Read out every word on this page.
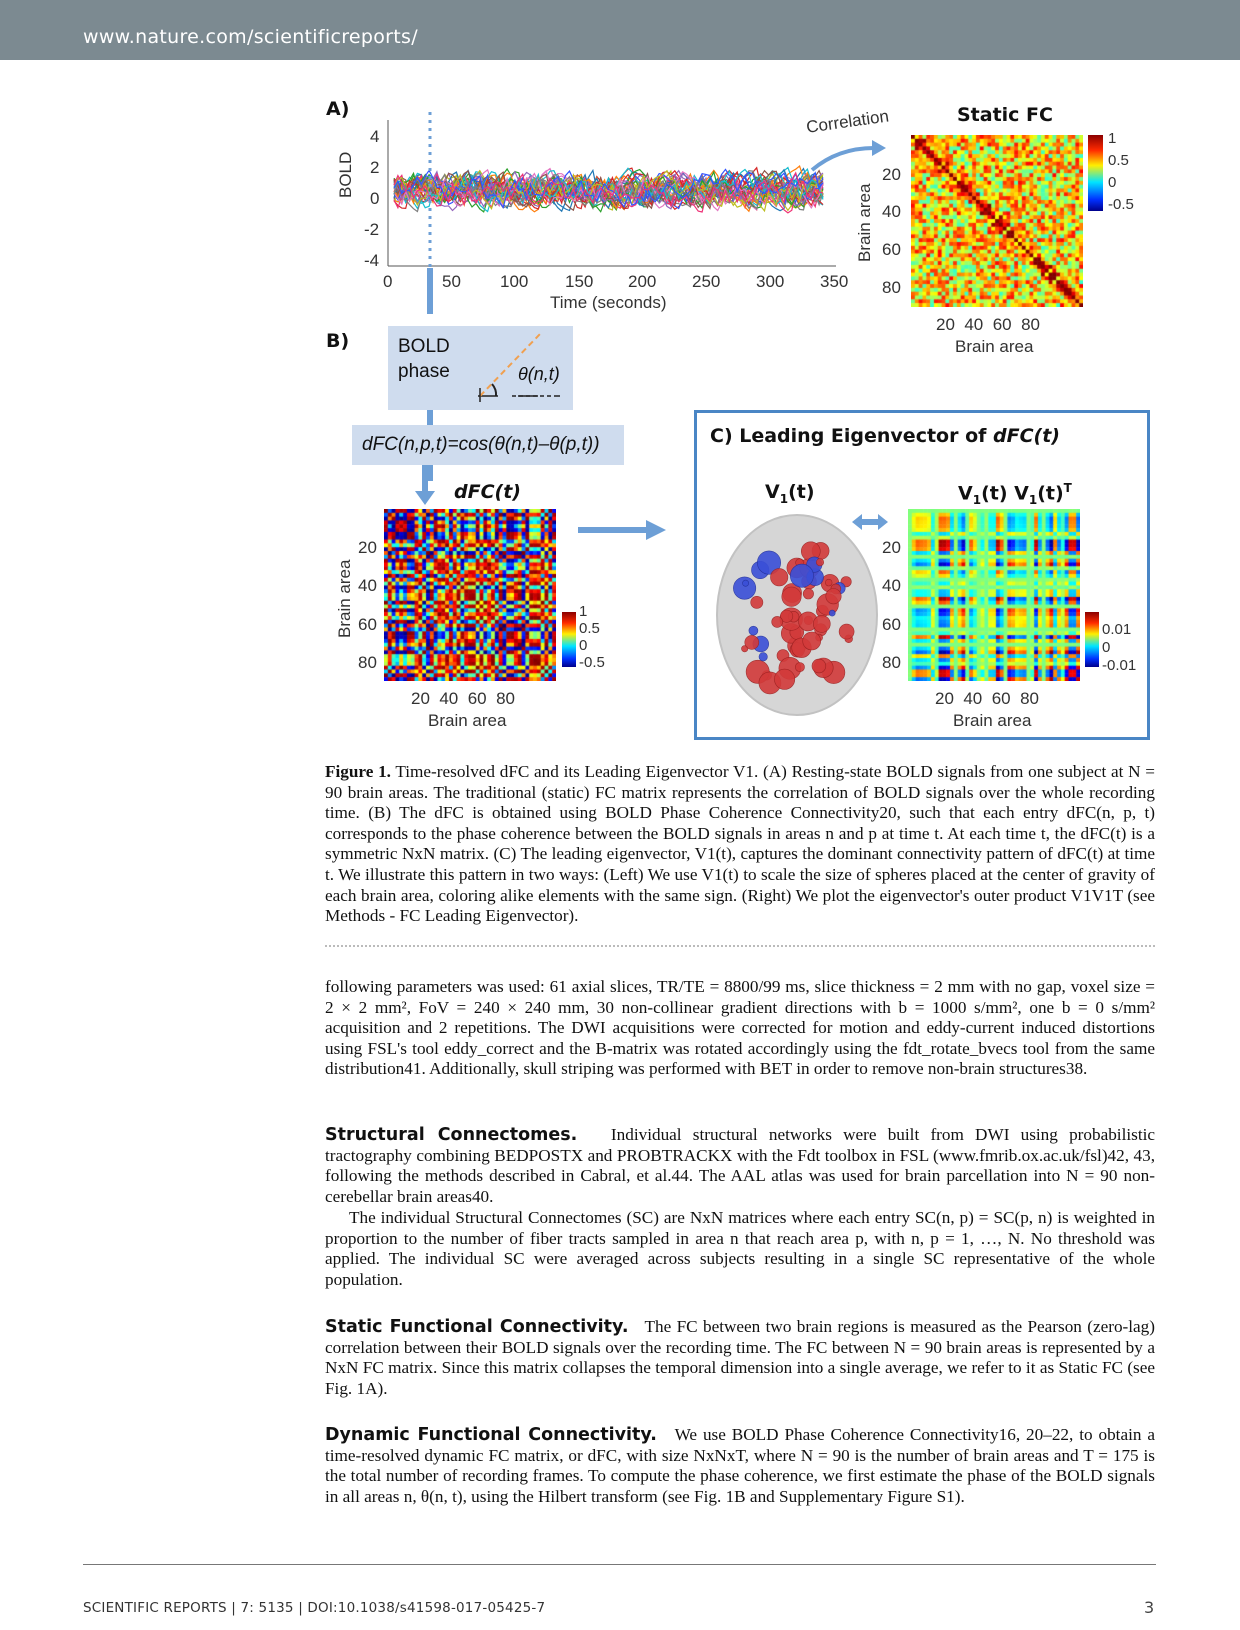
www.nature.com/scientificreports/
A)
BOLD
4
2
0
-2
-4
0	50 100 150 200 250 300 350
Time (seconds)
Correlation	Static FC
Brain area
20
40
60
80
20  40  60  80
Brain area
1
0.5
0
-0.5
B)	BOLD
phase	θ(n,t)
dFC(n,p,t)=cos(θ(n,t)–θ(p,t))
dFC(t)
Brain area
20
40
60
80
20  40  60  80
Brain area
1
0.5
0
-0.5
C) Leading Eigenvector of dFC(t)
$V_1(t)$	$V_1(t)$ $V_1(t)^T$
20
40
60
80
20  40  60  80
Brain area
0.01
0
-0.01
Figure 1. Time-resolved dFC and its Leading Eigenvector V1. (A) Resting-state BOLD signals from one subject at N = 90 brain areas. The traditional (static) FC matrix represents the correlation of BOLD signals over the whole recording time. (B) The dFC is obtained using BOLD Phase Coherence Connectivity20, such that each entry dFC(n, p, t) corresponds to the phase coherence between the BOLD signals in areas n and p at time t. At each time t, the dFC(t) is a symmetric NxN matrix. (C) The leading eigenvector, V1(t), captures the dominant connectivity pattern of dFC(t) at time t. We illustrate this pattern in two ways: (Left) We use V1(t) to scale the size of spheres placed at the center of gravity of each brain area, coloring alike elements with the same sign. (Right) We plot the eigenvector's outer product V1V1T (see Methods - FC Leading Eigenvector).
following parameters was used: 61 axial slices, TR/TE = 8800/99 ms, slice thickness = 2 mm with no gap, voxel size = 2 × 2 mm², FoV = 240 × 240 mm, 30 non-collinear gradient directions with b = 1000 s/mm², one b = 0 s/mm² acquisition and 2 repetitions. The DWI acquisitions were corrected for motion and eddy-current induced distortions using FSL's tool eddy_correct and the B-matrix was rotated accordingly using the fdt_rotate_bvecs tool from the same distribution41. Additionally, skull striping was performed with BET in order to remove non-brain structures38.
Structural Connectomes. Individual structural networks were built from DWI using probabilistic tractography combining BEDPOSTX and PROBTRACKX with the Fdt toolbox in FSL (www.fmrib.ox.ac.uk/fsl)42, 43, following the methods described in Cabral, et al.44. The AAL atlas was used for brain parcellation into N = 90 non-cerebellar brain areas40.
The individual Structural Connectomes (SC) are NxN matrices where each entry SC(n, p) = SC(p, n) is weighted in proportion to the number of fiber tracts sampled in area n that reach area p, with n, p = 1, …, N. No threshold was applied. The individual SC were averaged across subjects resulting in a single SC representative of the whole population.
Static Functional Connectivity. The FC between two brain regions is measured as the Pearson (zero-lag) correlation between their BOLD signals over the recording time. The FC between N = 90 brain areas is represented by a NxN FC matrix. Since this matrix collapses the temporal dimension into a single average, we refer to it as Static FC (see Fig. 1A).
Dynamic Functional Connectivity. We use BOLD Phase Coherence Connectivity16, 20–22, to obtain a time-resolved dynamic FC matrix, or dFC, with size NxNxT, where N = 90 is the number of brain areas and T = 175 is the total number of recording frames. To compute the phase coherence, we first estimate the phase of the BOLD signals in all areas n, θ(n, t), using the Hilbert transform (see Fig. 1B and Supplementary Figure S1).
SCIENTIFIC REPORTS | 7: 5135 | DOI:10.1038/s41598-017-05425-7	3
